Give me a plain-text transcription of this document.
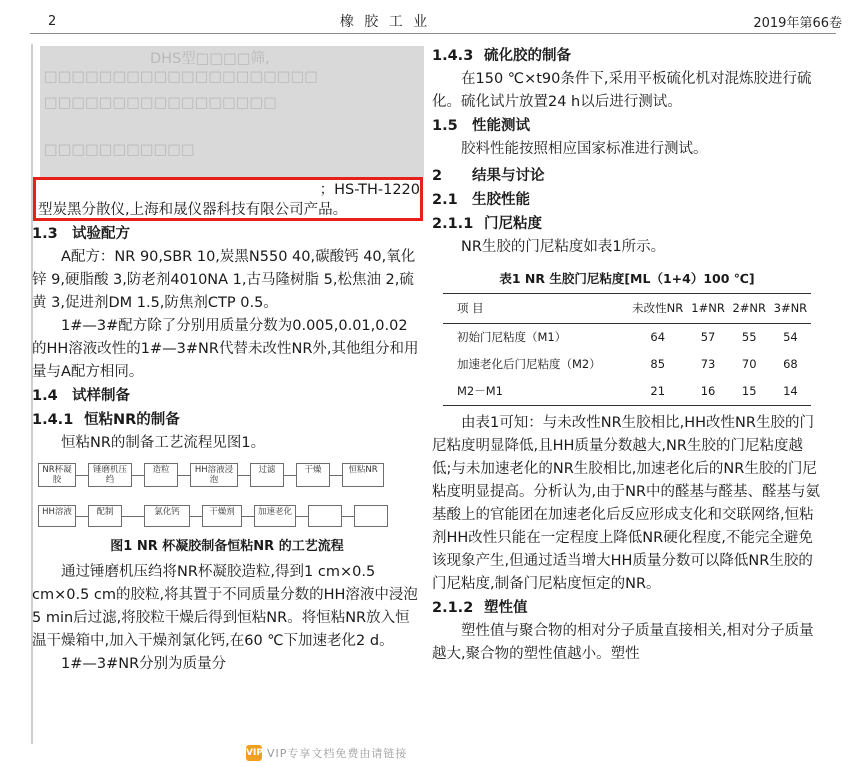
2	橡 胶 工 业	2019年第66卷
DHS型□□□□筛,
□□□□□□□□□□□□□□□□□□□□
□□□□□□□□□□□□□□□□□
□□□□□□□□□□□
；HS-TH-1220
型炭黑分散仪,上海和晟仪器科技有限公司产品。

1.3 试验配方

A配方：NR 90,SBR 10,炭黑N550 40,碳酸钙 40,氧化锌 9,硬脂酸 3,防老剂4010NA 1,古马隆树脂 5,松焦油 2,硫黄 3,促进剂DM 1.5,防焦剂CTP 0.5。

1#—3#配方除了分别用质量分数为0.005,0.01,0.02的HH溶液改性的1#—3#NR代替未改性NR外,其他组分和用量与A配方相同。

1.4 试样制备

1.4.1 恒粘NR的制备

恒粘NR的制备工艺流程见图1。

NR杯凝胶
锤磨机压绉
造粒	HH溶液浸泡
过滤	干燥	恒粘NR
HH溶液	配制	氯化钙	干燥剂	加速老化

图1 NR 杯凝胶制备恒粘NR 的工艺流程

通过锤磨机压绉将NR杯凝胶造粒,得到1 cm×0.5 cm×0.5 cm的胶粒,将其置于不同质量分数的HH溶液中浸泡5 min后过滤,将胶粒干燥后得到恒粘NR。将恒粘NR放入恒温干燥箱中,加入干燥剂氯化钙,在60 ℃下加速老化2 d。

1#—3#NR分别为质量分

1.4.3 硫化胶的制备

在150 ℃×t90条件下,采用平板硫化机对混炼胶进行硫化。硫化试片放置24 h以后进行测试。

1.5 性能测试

胶料性能按照相应国家标准进行测试。

2 结果与讨论

2.1 生胶性能

2.1.1 门尼粘度

NR生胶的门尼粘度如表1所示。

表1 NR 生胶门尼粘度[ML（1+4）100 ℃]
项 目	未改性NR	1#NR	2#NR	3#NR
初始门尼粘度（M1）	64	57	55	54
加速老化后门尼粘度（M2）	85	73	70	68
M2－M1	21	16	15	14

由表1可知：与未改性NR生胶相比,HH改性NR生胶的门尼粘度明显降低,且HH质量分数越大,NR生胶的门尼粘度越低;与未加速老化的NR生胶相比,加速老化后的NR生胶的门尼粘度明显提高。分析认为,由于NR中的醛基与醛基、醛基与氨基酸上的官能团在加速老化后反应形成支化和交联网络,恒粘剂HH改性只能在一定程度上降低NR硬化程度,不能完全避免该现象产生,但通过适当增大HH质量分数可以降低NR生胶的门尼粘度,制备门尼粘度恒定的NR。

2.1.2 塑性值

塑性值与聚合物的相对分子质量直接相关,相对分子质量越大,聚合物的塑性值越小。塑性

VIP VIP专享文档免费由请链接
